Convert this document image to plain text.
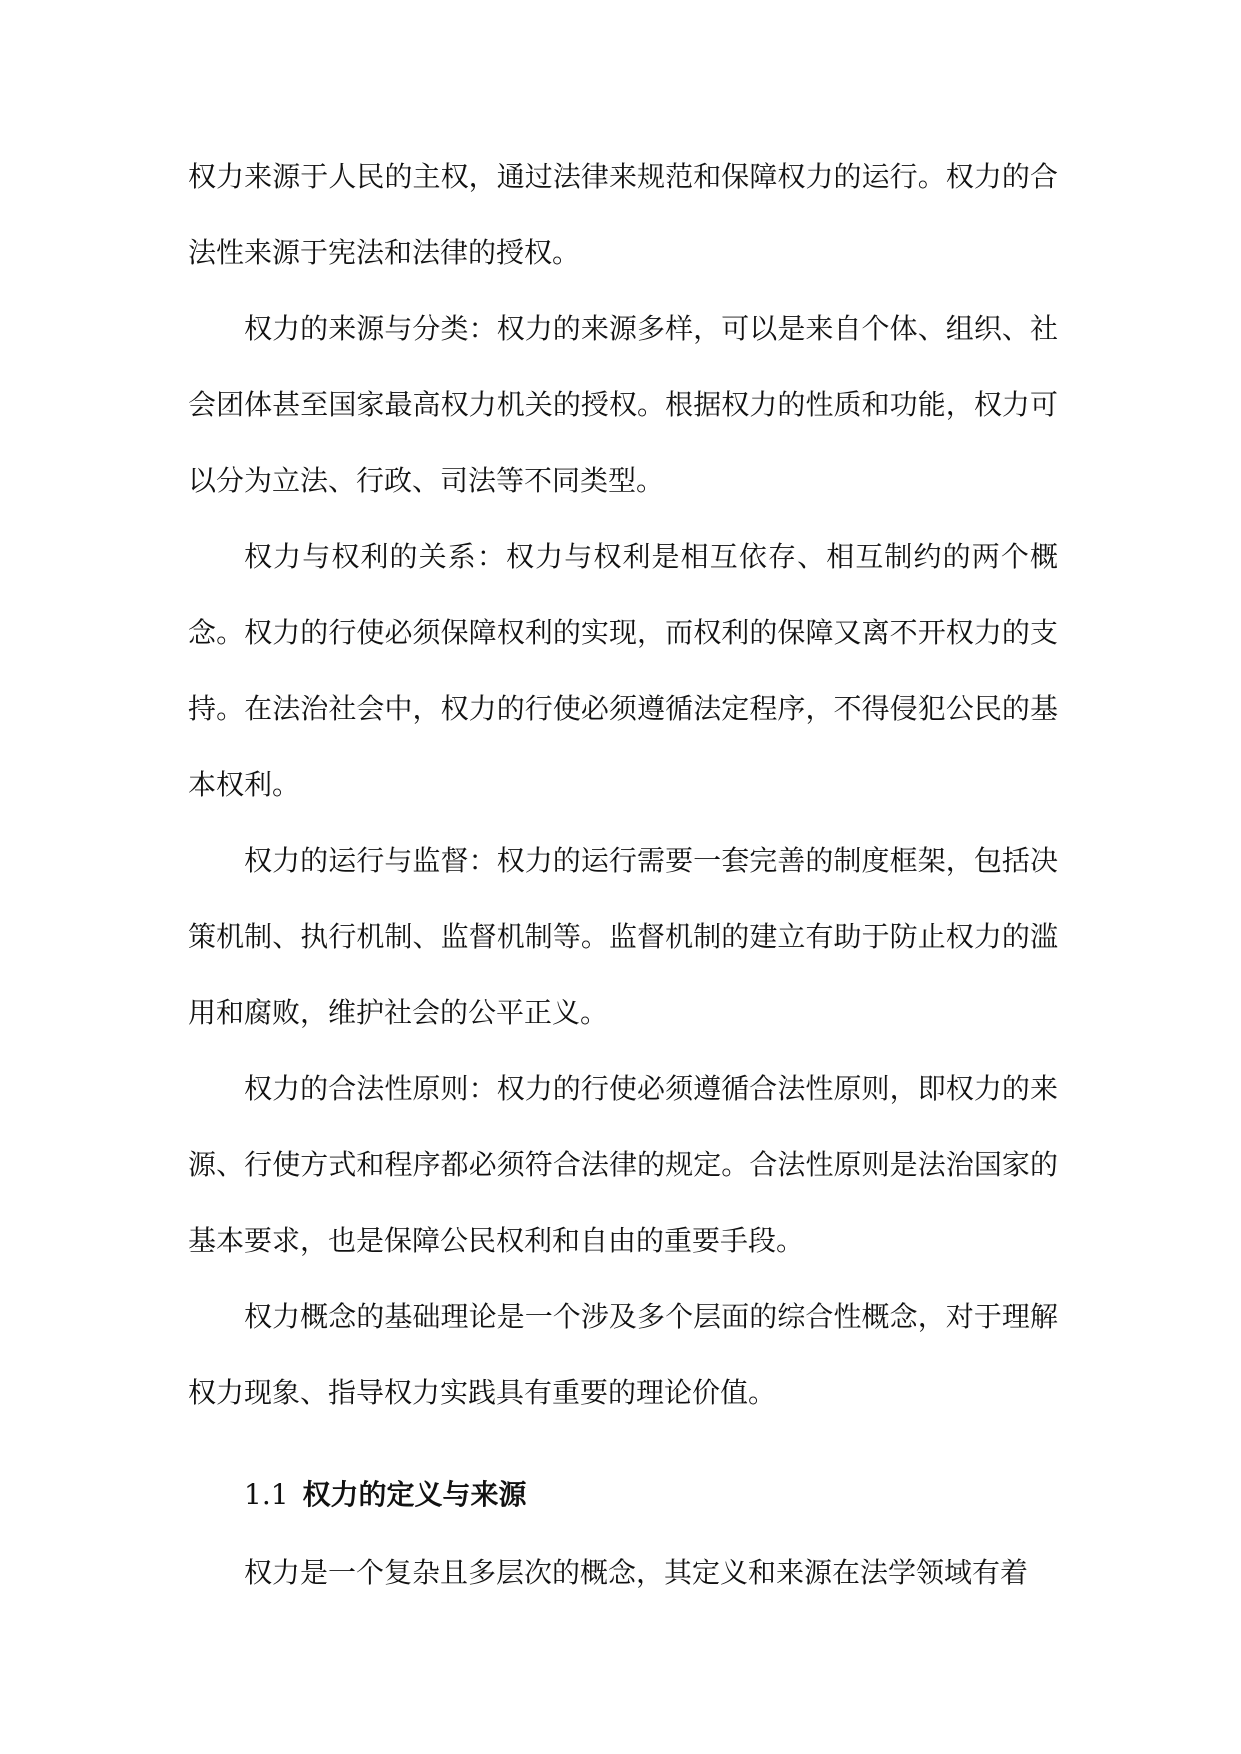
权力来源于人民的主权，通过法律来规范和保障权力的运行。权力的合法性来源于宪法和法律的授权。

权力的来源与分类：权力的来源多样，可以是来自个体、组织、社会团体甚至国家最高权力机关的授权。根据权力的性质和功能，权力可以分为立法、行政、司法等不同类型。

权力与权利的关系：权力与权利是相互依存、相互制约的两个概念。权力的行使必须保障权利的实现，而权利的保障又离不开权力的支持。在法治社会中，权力的行使必须遵循法定程序，不得侵犯公民的基本权利。

权力的运行与监督：权力的运行需要一套完善的制度框架，包括决策机制、执行机制、监督机制等。监督机制的建立有助于防止权力的滥用和腐败，维护社会的公平正义。

权力的合法性原则：权力的行使必须遵循合法性原则，即权力的来源、行使方式和程序都必须符合法律的规定。合法性原则是法治国家的基本要求，也是保障公民权利和自由的重要手段。

权力概念的基础理论是一个涉及多个层面的综合性概念，对于理解权力现象、指导权力实践具有重要的理论价值。

1.1 权力的定义与来源

权力是一个复杂且多层次的概念，其定义和来源在法学领域有着
